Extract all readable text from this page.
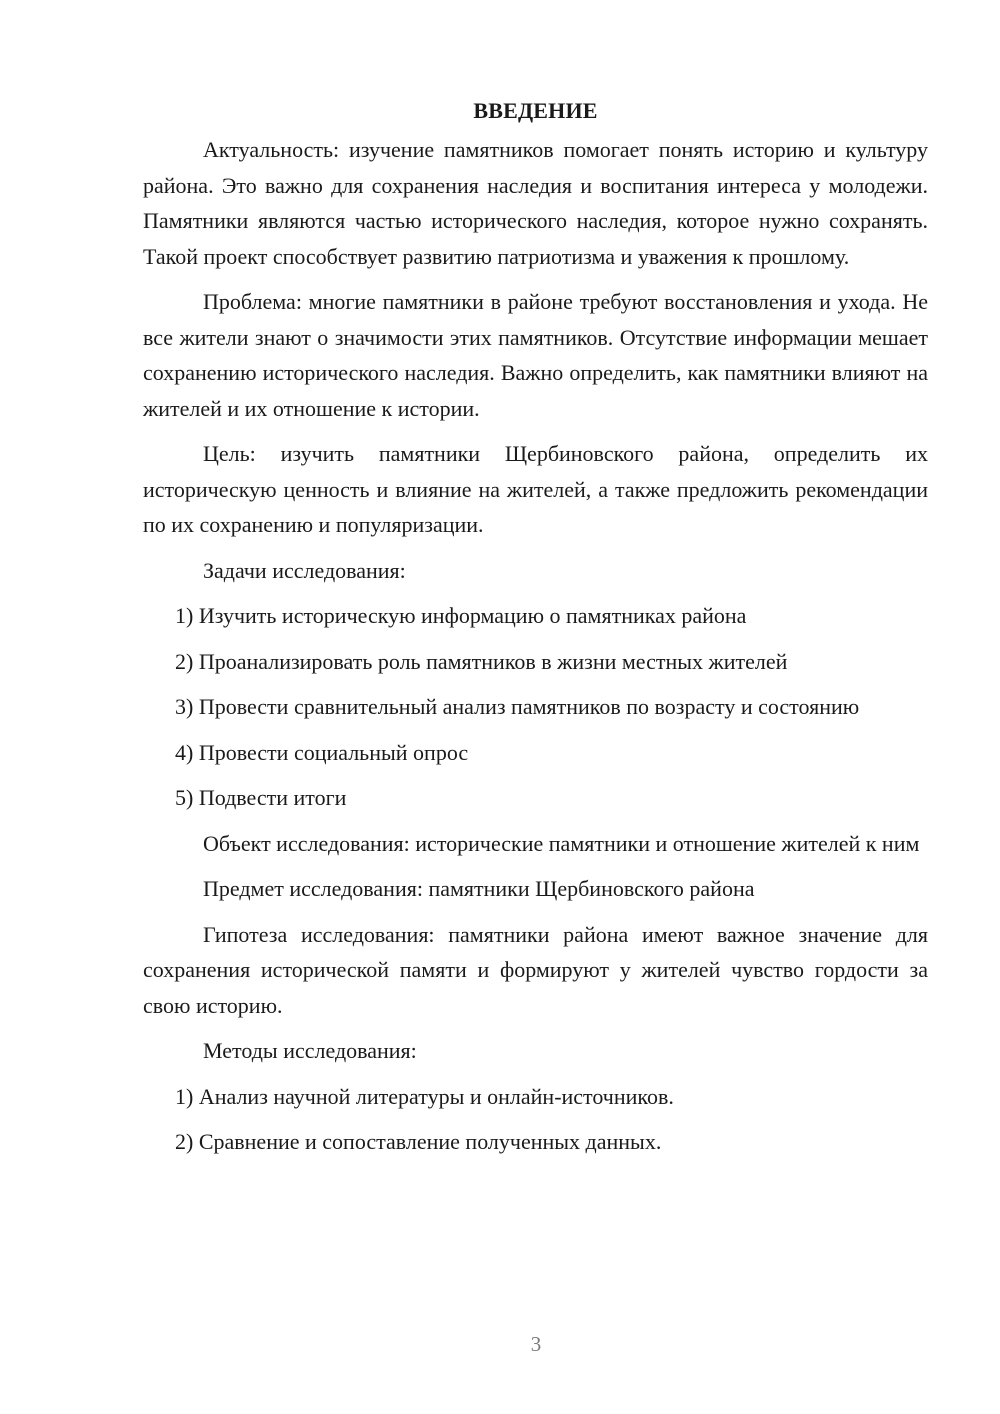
ВВЕДЕНИЕ

Актуальность: изучение памятников помогает понять историю и культуру района. Это важно для сохранения наследия и воспитания интереса у молодежи. Памятники являются частью исторического наследия, которое нужно сохранять. Такой проект способствует развитию патриотизма и уважения к прошлому.

Проблема: многие памятники в районе требуют восстановления и ухода. Не все жители знают о значимости этих памятников. Отсутствие информации мешает сохранению исторического наследия. Важно определить, как памятники влияют на жителей и их отношение к истории.

Цель: изучить памятники Щербиновского района, определить их историческую ценность и влияние на жителей, а также предложить рекомендации по их сохранению и популяризации.

Задачи исследования:

1) Изучить историческую информацию о памятниках района

2) Проанализировать роль памятников в жизни местных жителей

3) Провести сравнительный анализ памятников по возрасту и состоянию

4) Провести социальный опрос

5) Подвести итоги

Объект исследования: исторические памятники и отношение жителей к ним

Предмет исследования: памятники Щербиновского района

Гипотеза исследования: памятники района имеют важное значение для сохранения исторической памяти и формируют у жителей чувство гордости за свою историю.

Методы исследования:

1) Анализ научной литературы и онлайн-источников.

2) Сравнение и сопоставление полученных данных.

3
